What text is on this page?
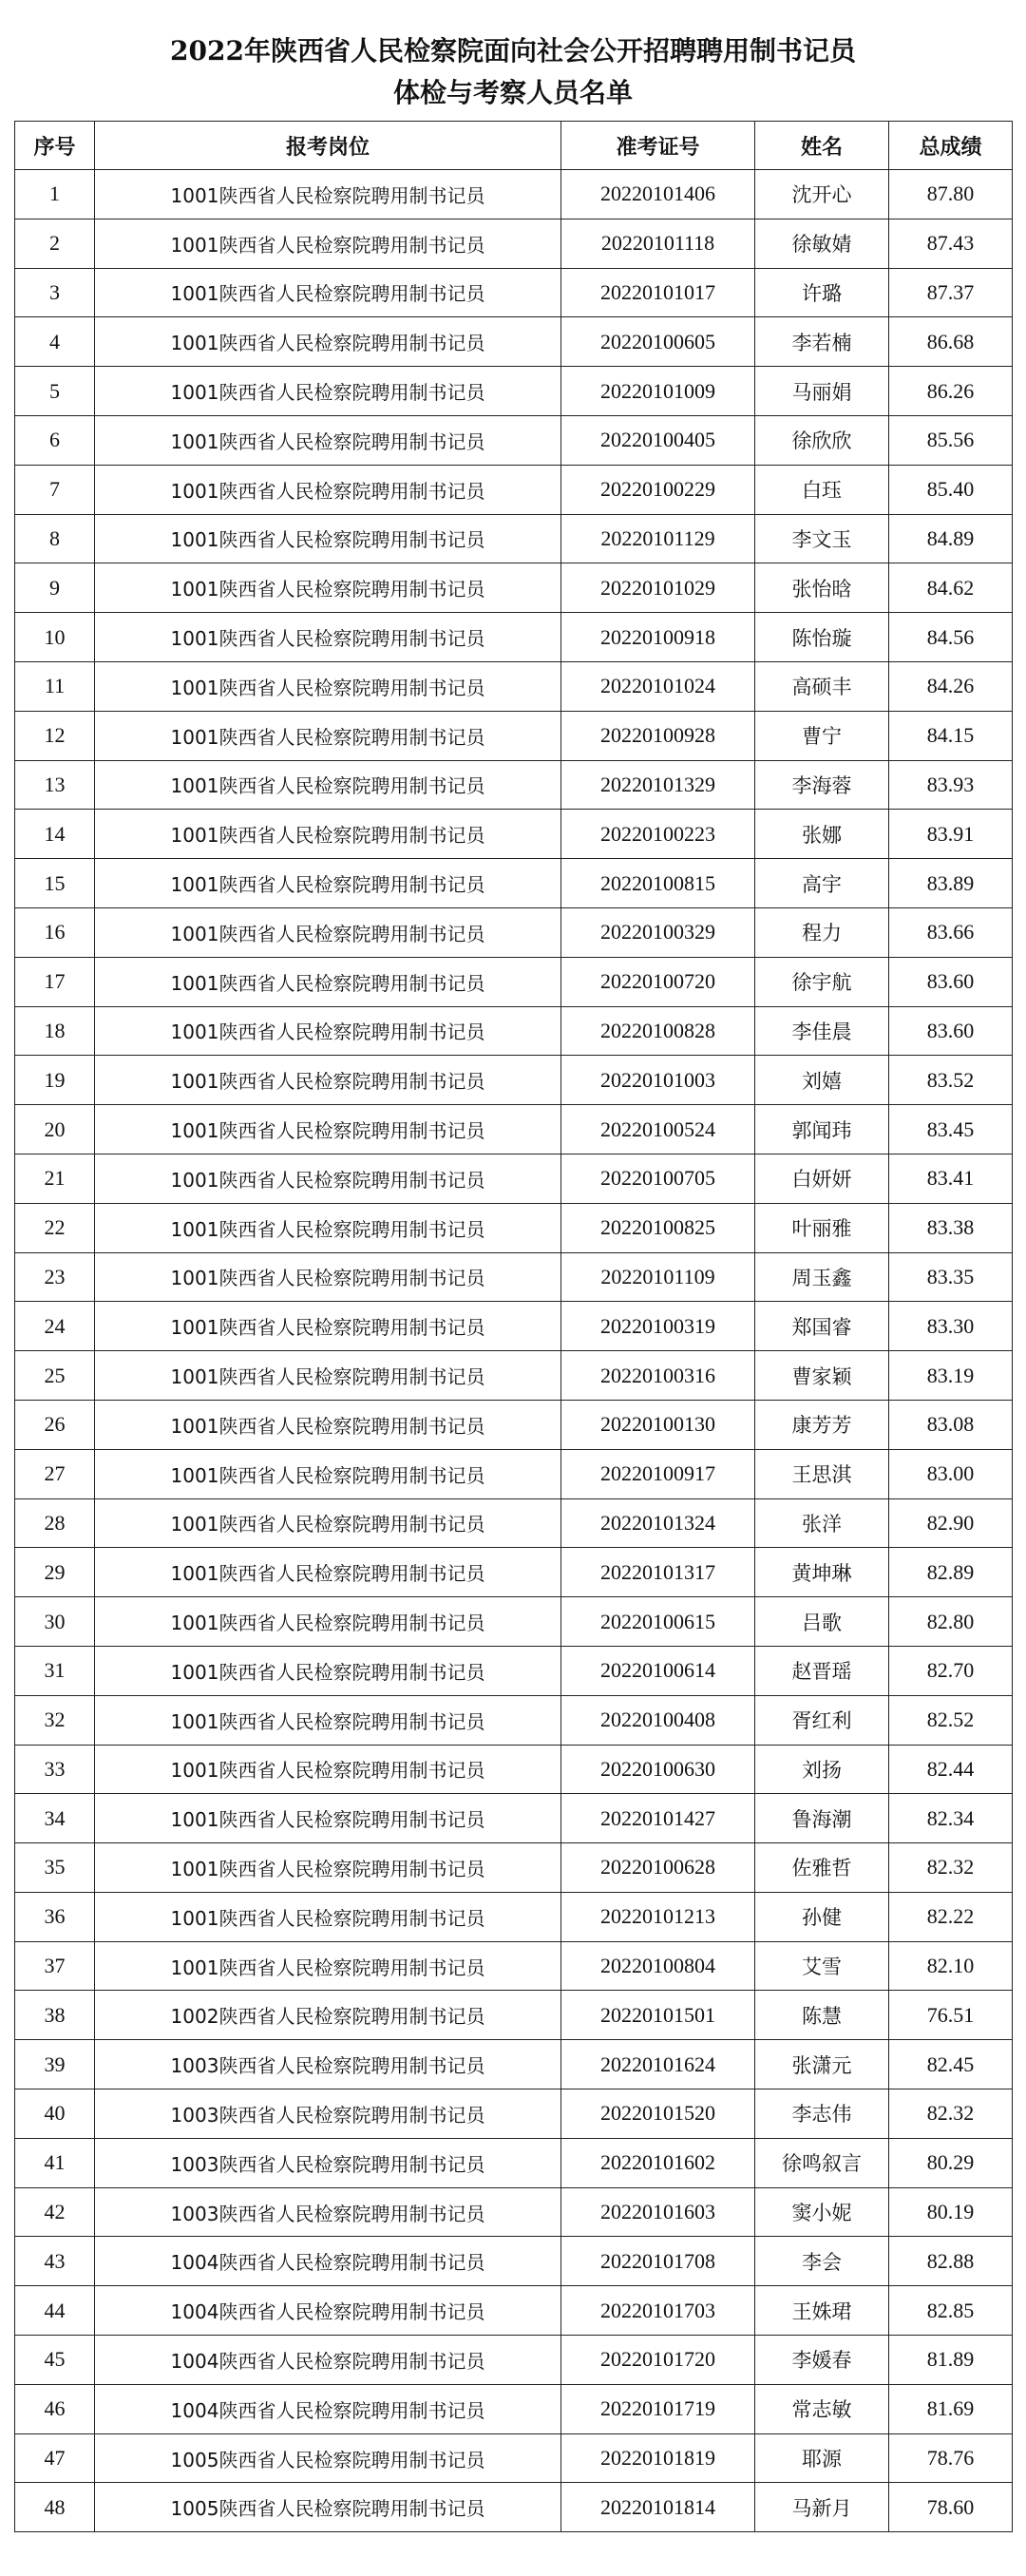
2022年陕西省人民检察院面向社会公开招聘聘用制书记员
体检与考察人员名单
序号	报考岗位	准考证号	姓名	总成绩
1	1001陕西省人民检察院聘用制书记员	20220101406	沈开心	87.80
2	1001陕西省人民检察院聘用制书记员	20220101118	徐敏婧	87.43
3	1001陕西省人民检察院聘用制书记员	20220101017	许璐	87.37
4	1001陕西省人民检察院聘用制书记员	20220100605	李若楠	86.68
5	1001陕西省人民检察院聘用制书记员	20220101009	马丽娟	86.26
6	1001陕西省人民检察院聘用制书记员	20220100405	徐欣欣	85.56
7	1001陕西省人民检察院聘用制书记员	20220100229	白珏	85.40
8	1001陕西省人民检察院聘用制书记员	20220101129	李文玉	84.89
9	1001陕西省人民检察院聘用制书记员	20220101029	张怡晗	84.62
10	1001陕西省人民检察院聘用制书记员	20220100918	陈怡璇	84.56
11	1001陕西省人民检察院聘用制书记员	20220101024	高硕丰	84.26
12	1001陕西省人民检察院聘用制书记员	20220100928	曹宁	84.15
13	1001陕西省人民检察院聘用制书记员	20220101329	李海蓉	83.93
14	1001陕西省人民检察院聘用制书记员	20220100223	张娜	83.91
15	1001陕西省人民检察院聘用制书记员	20220100815	高宇	83.89
16	1001陕西省人民检察院聘用制书记员	20220100329	程力	83.66
17	1001陕西省人民检察院聘用制书记员	20220100720	徐宇航	83.60
18	1001陕西省人民检察院聘用制书记员	20220100828	李佳晨	83.60
19	1001陕西省人民检察院聘用制书记员	20220101003	刘嬉	83.52
20	1001陕西省人民检察院聘用制书记员	20220100524	郭闻玮	83.45
21	1001陕西省人民检察院聘用制书记员	20220100705	白妍妍	83.41
22	1001陕西省人民检察院聘用制书记员	20220100825	叶丽雅	83.38
23	1001陕西省人民检察院聘用制书记员	20220101109	周玉鑫	83.35
24	1001陕西省人民检察院聘用制书记员	20220100319	郑国睿	83.30
25	1001陕西省人民检察院聘用制书记员	20220100316	曹家颖	83.19
26	1001陕西省人民检察院聘用制书记员	20220100130	康芳芳	83.08
27	1001陕西省人民检察院聘用制书记员	20220100917	王思淇	83.00
28	1001陕西省人民检察院聘用制书记员	20220101324	张洋	82.90
29	1001陕西省人民检察院聘用制书记员	20220101317	黄坤琳	82.89
30	1001陕西省人民检察院聘用制书记员	20220100615	吕歌	82.80
31	1001陕西省人民检察院聘用制书记员	20220100614	赵晋瑶	82.70
32	1001陕西省人民检察院聘用制书记员	20220100408	胥红利	82.52
33	1001陕西省人民检察院聘用制书记员	20220100630	刘扬	82.44
34	1001陕西省人民检察院聘用制书记员	20220101427	鲁海潮	82.34
35	1001陕西省人民检察院聘用制书记员	20220100628	佐雅哲	82.32
36	1001陕西省人民检察院聘用制书记员	20220101213	孙健	82.22
37	1001陕西省人民检察院聘用制书记员	20220100804	艾雪	82.10
38	1002陕西省人民检察院聘用制书记员	20220101501	陈慧	76.51
39	1003陕西省人民检察院聘用制书记员	20220101624	张潇元	82.45
40	1003陕西省人民检察院聘用制书记员	20220101520	李志伟	82.32
41	1003陕西省人民检察院聘用制书记员	20220101602	徐鸣叙言	80.29
42	1003陕西省人民检察院聘用制书记员	20220101603	窦小妮	80.19
43	1004陕西省人民检察院聘用制书记员	20220101708	李会	82.88
44	1004陕西省人民检察院聘用制书记员	20220101703	王姝珺	82.85
45	1004陕西省人民检察院聘用制书记员	20220101720	李媛春	81.89
46	1004陕西省人民检察院聘用制书记员	20220101719	常志敏	81.69
47	1005陕西省人民检察院聘用制书记员	20220101819	耶源	78.76
48	1005陕西省人民检察院聘用制书记员	20220101814	马新月	78.60
